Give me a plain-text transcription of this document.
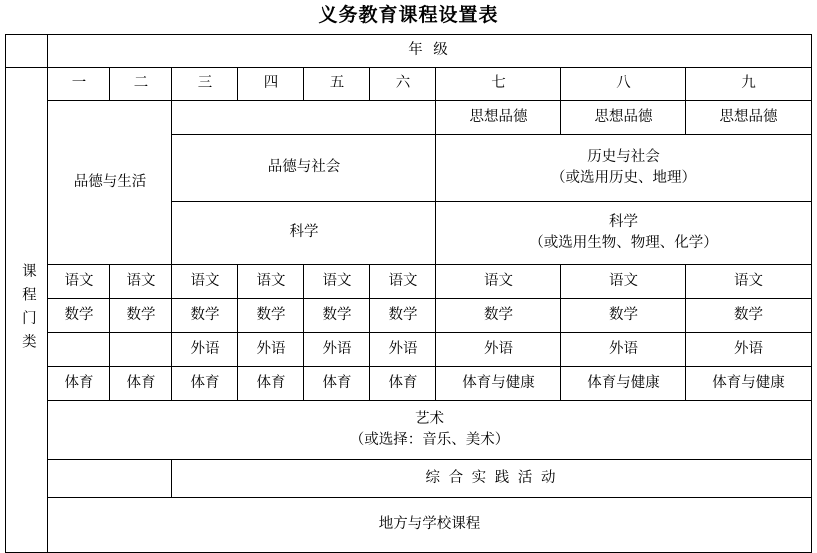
义务教育课程设置表
	年 级								

课程门类	一	二	三	四	五	六	七	八	九
	品德与生活						思想品德	思想品德	思想品德
			品德与社会				历史与社会
（或选用历史、地理）		

			科学				科学
（或选用生物、物理、化学）		

	语文	语文	语文	语文	语文	语文	语文	语文	语文
	数学	数学	数学	数学	数学	数学	数学	数学	数学
			外语	外语	外语	外语	外语	外语	外语
	体育	体育	体育	体育	体育	体育	体育与健康	体育与健康	体育与健康

	艺术
（或选择：音乐、美术）								

			综 合 实 践 活 动						
	地方与学校课程								
